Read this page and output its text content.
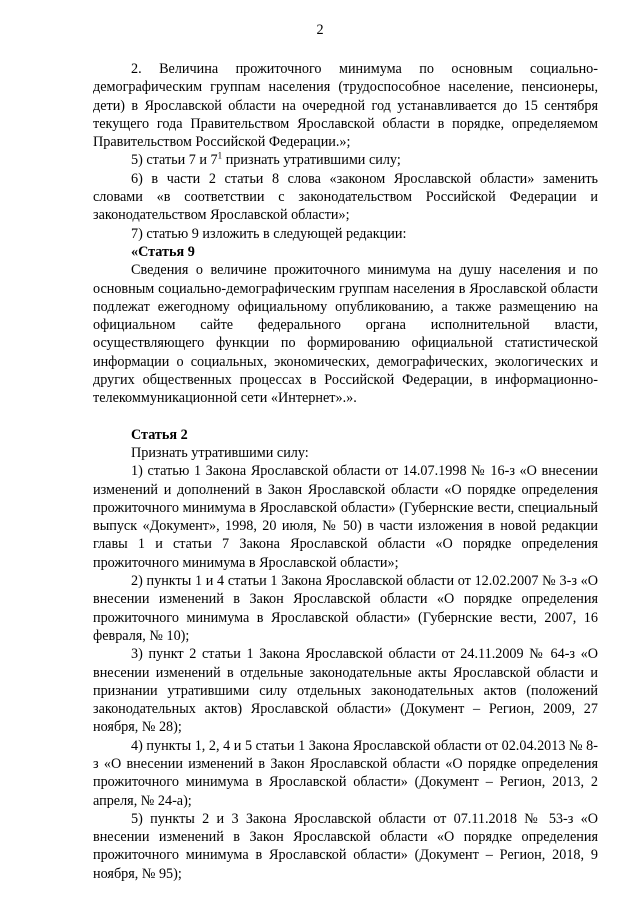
2

2. Величина прожиточного минимума по основным социально-демографическим группам населения (трудоспособное население, пенсионеры, дети) в Ярославской области на очередной год устанавливается до 15 сентября текущего года Правительством Ярославской области в порядке, определяемом Правительством Российской Федерации.»;

5) статьи 7 и $7^1$ признать утратившими силу;

6) в части 2 статьи 8 слова «законом Ярославской области» заменить словами «в соответствии с законодательством Российской Федерации и законодательством Ярославской области»;

7) статью 9 изложить в следующей редакции:

«Статья 9

Сведения о величине прожиточного минимума на душу населения и по основным социально-демографическим группам населения в Ярославской области подлежат ежегодному официальному опубликованию, а также размещению на официальном сайте федерального органа исполнительной власти, осуществляющего функции по формированию официальной статистической информации о социальных, экономических, демографических, экологических и других общественных процессах в Российской Федерации, в информационно-телекоммуникационной сети «Интернет».».

Статья 2

Признать утратившими силу:

1) статью 1 Закона Ярославской области от 14.07.1998 № 16-з «О внесении изменений и дополнений в Закон Ярославской области «О порядке определения прожиточного минимума в Ярославской области» (Губернские вести, специальный выпуск «Документ», 1998, 20 июля, № 50) в части изложения в новой редакции главы 1 и статьи 7 Закона Ярославской области «О порядке определения прожиточного минимума в Ярославской области»;

2) пункты 1 и 4 статьи 1 Закона Ярославской области от 12.02.2007 № 3-з «О внесении изменений в Закон Ярославской области «О порядке определения прожиточного минимума в Ярославской области» (Губернские вести, 2007, 16 февраля, № 10);

3) пункт 2 статьи 1 Закона Ярославской области от 24.11.2009 № 64-з «О внесении изменений в отдельные законодательные акты Ярославской области и признании утратившими силу отдельных законодательных актов (положений законодательных актов) Ярославской области» (Документ – Регион, 2009, 27 ноября, № 28);

4) пункты 1, 2, 4 и 5 статьи 1 Закона Ярославской области от 02.04.2013 № 8-з «О внесении изменений в Закон Ярославской области «О порядке определения прожиточного минимума в Ярославской области» (Документ – Регион, 2013, 2 апреля, № 24-а);

5) пункты 2 и 3 Закона Ярославской области от 07.11.2018 № 53-з «О внесении изменений в Закон Ярославской области «О порядке определения прожиточного минимума в Ярославской области» (Документ – Регион, 2018, 9 ноября, № 95);
